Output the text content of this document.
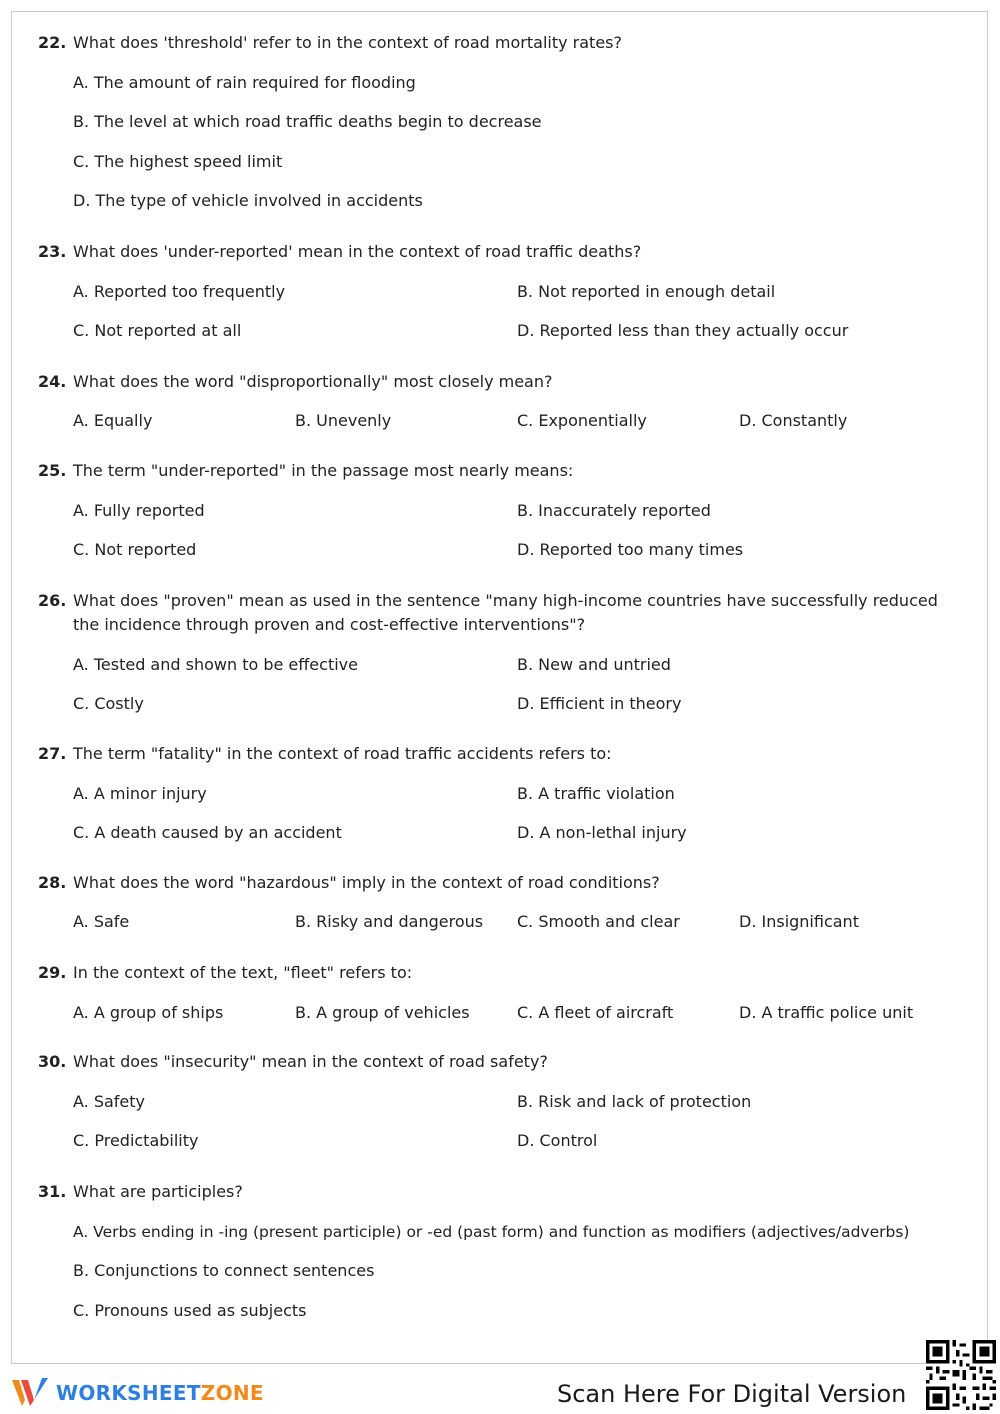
22. What does 'threshold' refer to in the context of road mortality rates?
A. The amount of rain required for flooding
B. The level at which road traffic deaths begin to decrease
C. The highest speed limit
D. The type of vehicle involved in accidents
23. What does 'under-reported' mean in the context of road traffic deaths?
A. Reported too frequently	B. Not reported in enough detail
C. Not reported at all	D. Reported less than they actually occur
24. What does the word "disproportionally" most closely mean?
A. Equally	B. Unevenly	C. Exponentially	D. Constantly
25. The term "under-reported" in the passage most nearly means:
A. Fully reported	B. Inaccurately reported
C. Not reported	D. Reported too many times
26. What does "proven" mean as used in the sentence "many high-income countries have successfully reduced the incidence through proven and cost-effective interventions"?
A. Tested and shown to be effective	B. New and untried
C. Costly	D. Efficient in theory
27. The term "fatality" in the context of road traffic accidents refers to:
A. A minor injury	B. A traffic violation
C. A death caused by an accident	D. A non-lethal injury
28. What does the word "hazardous" imply in the context of road conditions?
A. Safe	B. Risky and dangerous C. Smooth and clear	D. Insignificant
29. In the context of the text, "fleet" refers to:
A. A group of ships	B. A group of vehicles	C. A fleet of aircraft	D. A traffic police unit
30. What does "insecurity" mean in the context of road safety?
A. Safety	B. Risk and lack of protection
C. Predictability	D. Control
31. What are participles?
A. Verbs ending in -ing (present participle) or -ed (past form) and function as modifiers (adjectives/adverbs)
B. Conjunctions to connect sentences
C. Pronouns used as subjects
WORKSHEET ZONE	Scan Here For Digital Version
